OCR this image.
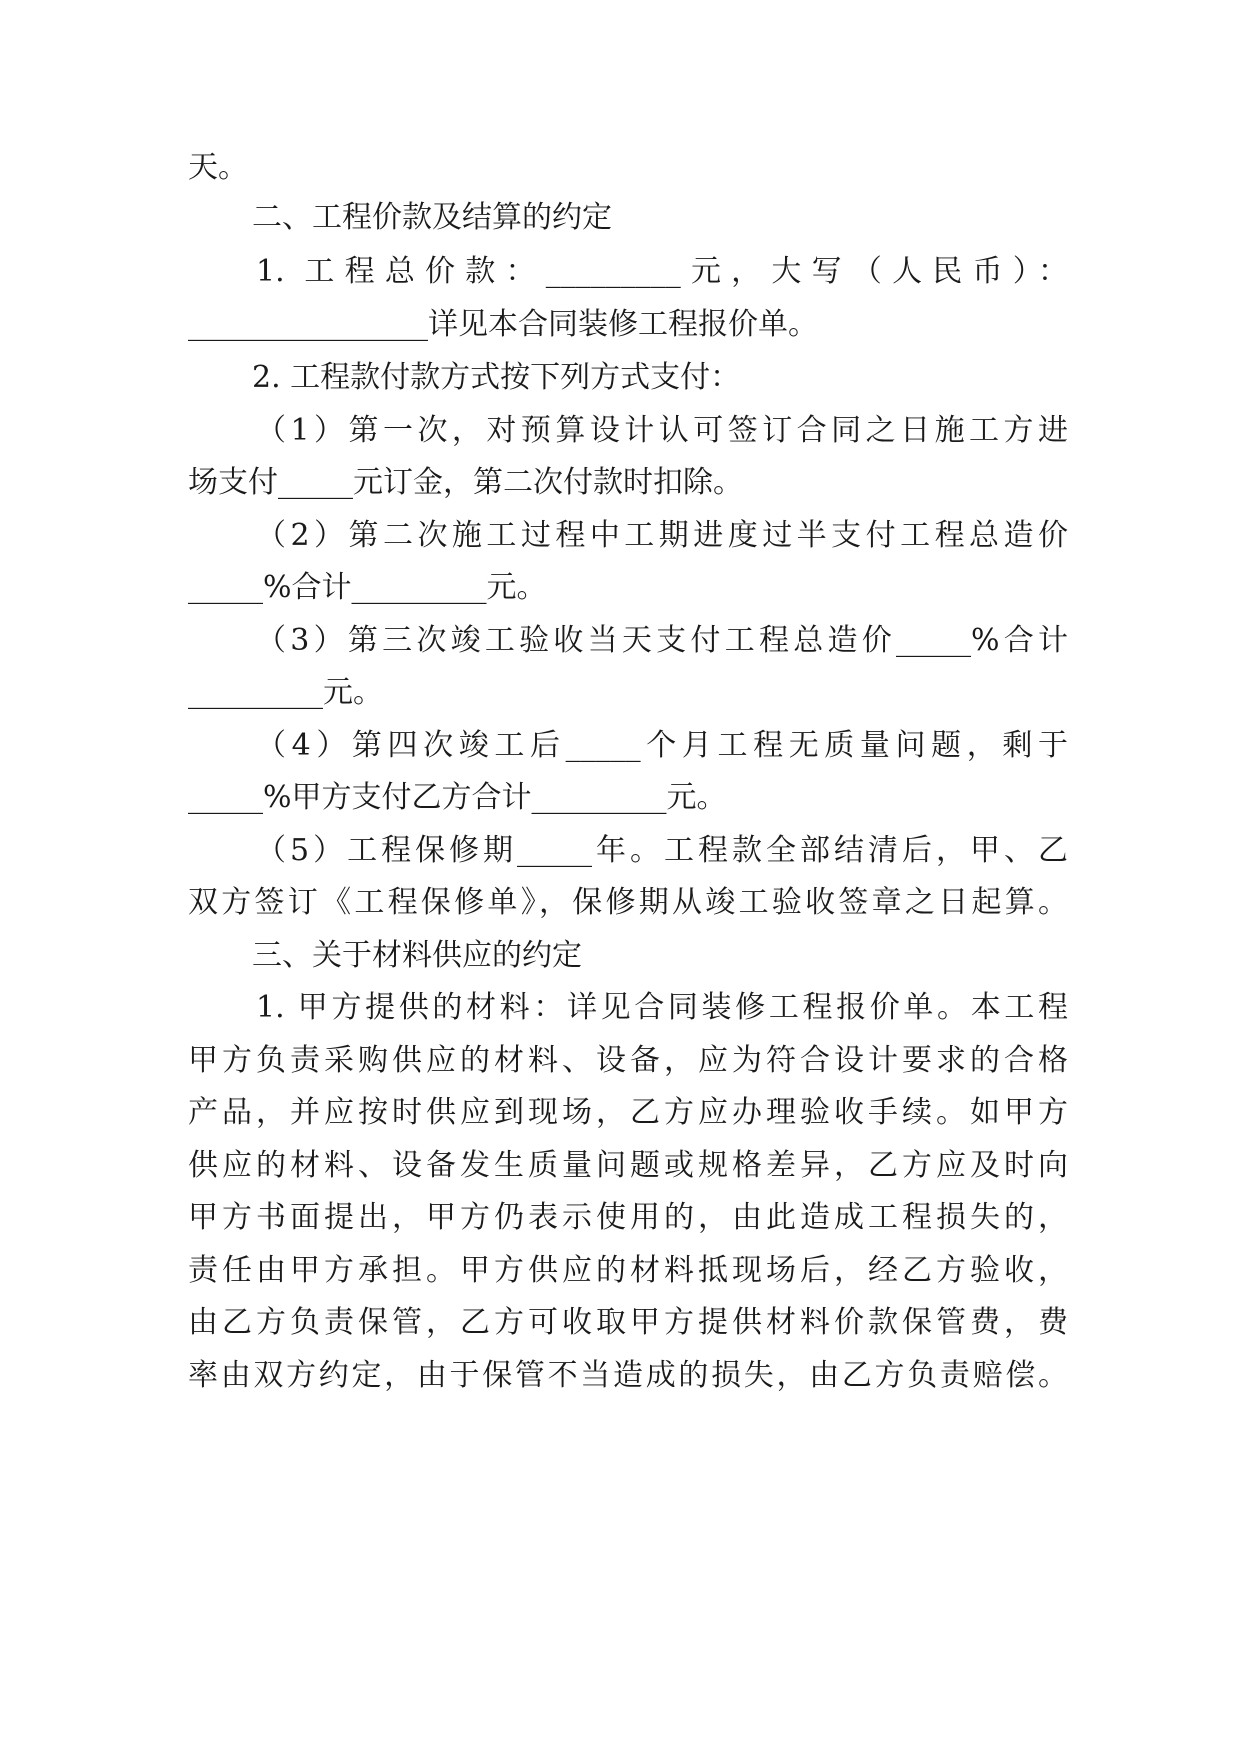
天。
二、工程价款及结算的约定
1. 工程总价款：_________元，大写（人民币）：
________________详见本合同装修工程报价单。
2. 工程款付款方式按下列方式支付：
（1）第一次，对预算设计认可签订合同之日施工方进
场支付_____元订金，第二次付款时扣除。
（2）第二次施工过程中工期进度过半支付工程总造价
_____%合计_________元。
（3）第三次竣工验收当天支付工程总造价_____%合计
_________元。
（4）第四次竣工后_____个月工程无质量问题，剩于
_____%甲方支付乙方合计_________元。
（5）工程保修期_____年。工程款全部结清后，甲、乙
双方签订《工程保修单》，保修期从竣工验收签章之日起算。
三、关于材料供应的约定
1. 甲方提供的材料：详见合同装修工程报价单。本工程
甲方负责采购供应的材料、设备，应为符合设计要求的合格
产品，并应按时供应到现场，乙方应办理验收手续。如甲方
供应的材料、设备发生质量问题或规格差异，乙方应及时向
甲方书面提出，甲方仍表示使用的，由此造成工程损失的，
责任由甲方承担。甲方供应的材料抵现场后，经乙方验收，
由乙方负责保管，乙方可收取甲方提供材料价款保管费，费
率由双方约定，由于保管不当造成的损失，由乙方负责赔偿。
